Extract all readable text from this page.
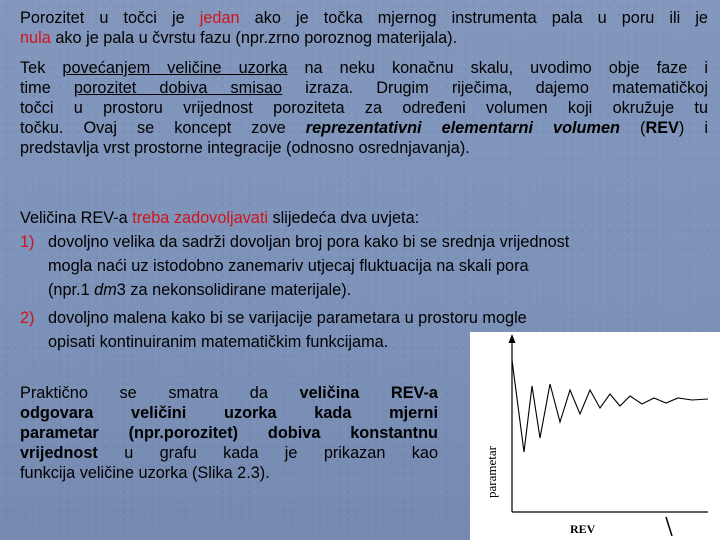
Porozitet u točci je jedan ako je točka mjernog instrumenta pala u poru ili je
nula ako je pala u čvrstu fazu (npr.zrno poroznog materijala).
Tek povećanjem veličine uzorka na neku konačnu skalu, uvodimo obje faze i
time porozitet dobiva smisao izraza. Drugim riječima, dajemo matematičkoj
točci u prostoru vrijednost poroziteta za određeni volumen koji okružuje tu
točku. Ovaj se koncept zove reprezentativni elementarni volumen (REV) i
predstavlja vrst prostorne integracije (odnosno osrednjavanja).
Veličina REV-a treba zadovoljavati slijedeća dva uvjeta:
1) dovoljno velika da sadrži dovoljan broj pora kako bi se srednja vrijednost
mogla naći uz istodobno zanemariv utjecaj fluktuacija na skali pora
(npr.1 dm3 za nekonsolidirane materijale).
2) dovoljno malena kako bi se varijacije parametara u prostoru mogle
opisati kontinuiranim matematičkim funkcijama.
Praktično se smatra da veličina REV-a
odgovara veličini uzorka kada mjerni
parametar (npr.porozitet) dobiva konstantnu
vrijednost u grafu kada je prikazan kao
funkcija veličine uzorka (Slika 2.3).	parametar
REV
